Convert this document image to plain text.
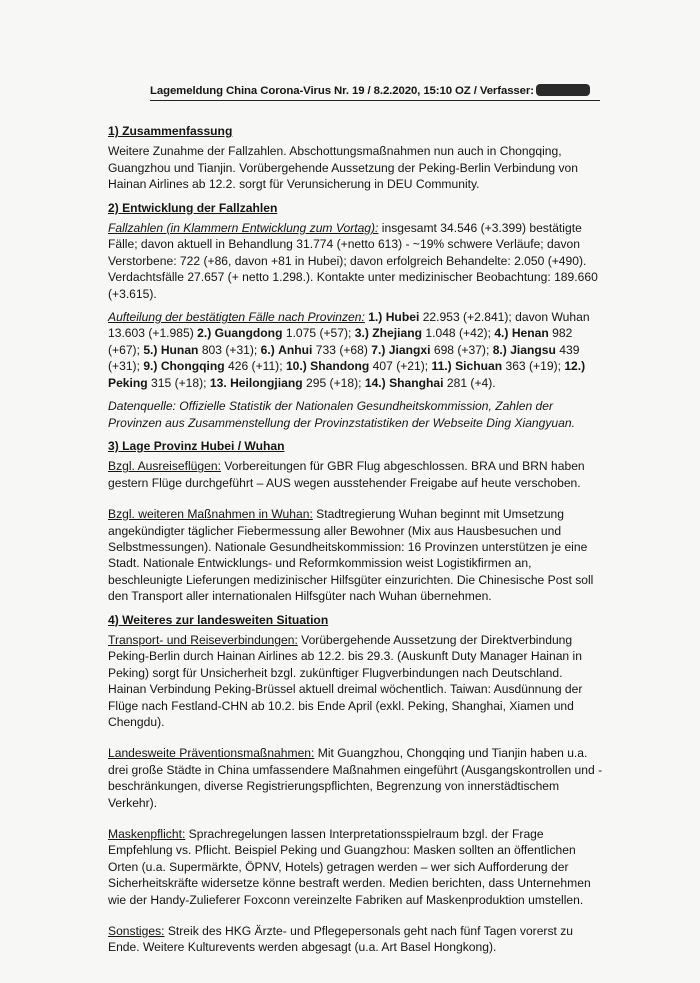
Lagemeldung China Corona-Virus Nr. 19 / 8.2.2020, 15:10 OZ / Verfasser:
1) Zusammenfassung
Weitere Zunahme der Fallzahlen. Abschottungsmaßnahmen nun auch in Chongqing, Guangzhou und Tianjin. Vorübergehende Aussetzung der Peking-Berlin Verbindung von Hainan Airlines ab 12.2. sorgt für Verunsicherung in DEU Community.
2) Entwicklung der Fallzahlen
Fallzahlen (in Klammern Entwicklung zum Vortag): insgesamt 34.546 (+3.399) bestätigte Fälle; davon aktuell in Behandlung 31.774 (+netto 613) - ~19% schwere Verläufe; davon Verstorbene: 722 (+86, davon +81 in Hubei); davon erfolgreich Behandelte: 2.050 (+490). Verdachtsfälle 27.657 (+ netto 1.298.). Kontakte unter medizinischer Beobachtung: 189.660 (+3.615).
Aufteilung der bestätigten Fälle nach Provinzen: 1.) Hubei 22.953 (+2.841); davon Wuhan 13.603 (+1.985) 2.) Guangdong 1.075 (+57); 3.) Zhejiang 1.048 (+42); 4.) Henan 982 (+67); 5.) Hunan 803 (+31); 6.) Anhui 733 (+68) 7.) Jiangxi 698 (+37); 8.) Jiangsu 439 (+31); 9.) Chongqing 426 (+11); 10.) Shandong 407 (+21); 11.) Sichuan 363 (+19); 12.) Peking 315 (+18); 13. Heilongjiang 295 (+18); 14.) Shanghai 281 (+4).
Datenquelle: Offizielle Statistik der Nationalen Gesundheitskommission, Zahlen der Provinzen aus Zusammenstellung der Provinzstatistiken der Webseite Ding Xiangyuan.
3) Lage Provinz Hubei / Wuhan
Bzgl. Ausreiseflügen: Vorbereitungen für GBR Flug abgeschlossen. BRA und BRN haben gestern Flüge durchgeführt – AUS wegen ausstehender Freigabe auf heute verschoben.
Bzgl. weiteren Maßnahmen in Wuhan: Stadtregierung Wuhan beginnt mit Umsetzung angekündigter täglicher Fiebermessung aller Bewohner (Mix aus Hausbesuchen und Selbstmessungen). Nationale Gesundheitskommission: 16 Provinzen unterstützen je eine Stadt. Nationale Entwicklungs- und Reformkommission weist Logistikfirmen an, beschleunigte Lieferungen medizinischer Hilfsgüter einzurichten. Die Chinesische Post soll den Transport aller internationalen Hilfsgüter nach Wuhan übernehmen.
4) Weiteres zur landesweiten Situation
Transport- und Reiseverbindungen: Vorübergehende Aussetzung der Direktverbindung Peking-Berlin durch Hainan Airlines ab 12.2. bis 29.3. (Auskunft Duty Manager Hainan in Peking) sorgt für Unsicherheit bzgl. zukünftiger Flugverbindungen nach Deutschland. Hainan Verbindung Peking-Brüssel aktuell dreimal wöchentlich. Taiwan: Ausdünnung der Flüge nach Festland-CHN ab 10.2. bis Ende April (exkl. Peking, Shanghai, Xiamen und Chengdu).
Landesweite Präventionsmaßnahmen: Mit Guangzhou, Chongqing und Tianjin haben u.a. drei große Städte in China umfassendere Maßnahmen eingeführt (Ausgangskontrollen und -beschränkungen, diverse Registrierungspflichten, Begrenzung von innerstädtischem Verkehr).
Maskenpflicht: Sprachregelungen lassen Interpretationsspielraum bzgl. der Frage Empfehlung vs. Pflicht. Beispiel Peking und Guangzhou: Masken sollten an öffentlichen Orten (u.a. Supermärkte, ÖPNV, Hotels) getragen werden – wer sich Aufforderung der Sicherheitskräfte widersetze könne bestraft werden. Medien berichten, dass Unternehmen wie der Handy-Zulieferer Foxconn vereinzelte Fabriken auf Maskenproduktion umstellen.
Sonstiges: Streik des HKG Ärzte- und Pflegepersonals geht nach fünf Tagen vorerst zu Ende. Weitere Kulturevents werden abgesagt (u.a. Art Basel Hongkong).
